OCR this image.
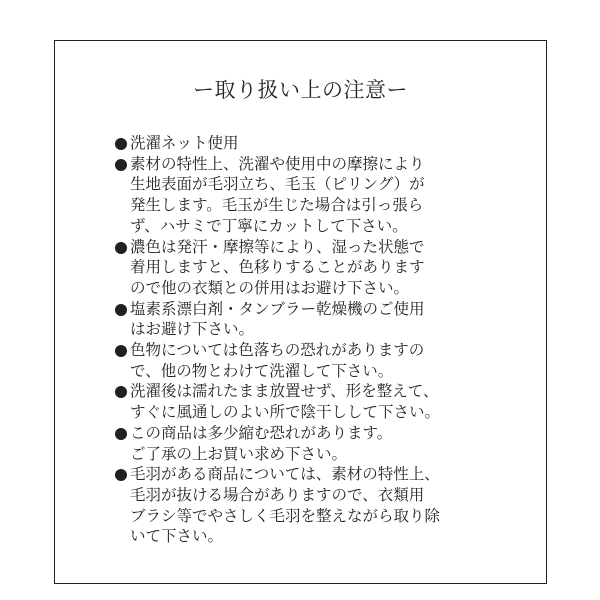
ー取り扱い上の注意ー
洗濯ネット使用
素材の特性上、洗濯や使用中の摩擦により
生地表面が毛羽立ち、毛玉（ピリング）が
発生します。毛玉が生じた場合は引っ張ら
ず、ハサミで丁寧にカットして下さい。
濃色は発汗・摩擦等により、湿った状態で
着用しますと、色移りすることがあります
ので他の衣類との併用はお避け下さい。
塩素系漂白剤・タンブラー乾燥機のご使用
はお避け下さい。
色物については色落ちの恐れがありますの
で、他の物とわけて洗濯して下さい。
洗濯後は濡れたまま放置せず、形を整えて、
すぐに風通しのよい所で陰干しして下さい。
この商品は多少縮む恐れがあります。
ご了承の上お買い求め下さい。
毛羽がある商品については、素材の特性上、
毛羽が抜ける場合がありますので、衣類用
ブラシ等でやさしく毛羽を整えながら取り除
いて下さい。
